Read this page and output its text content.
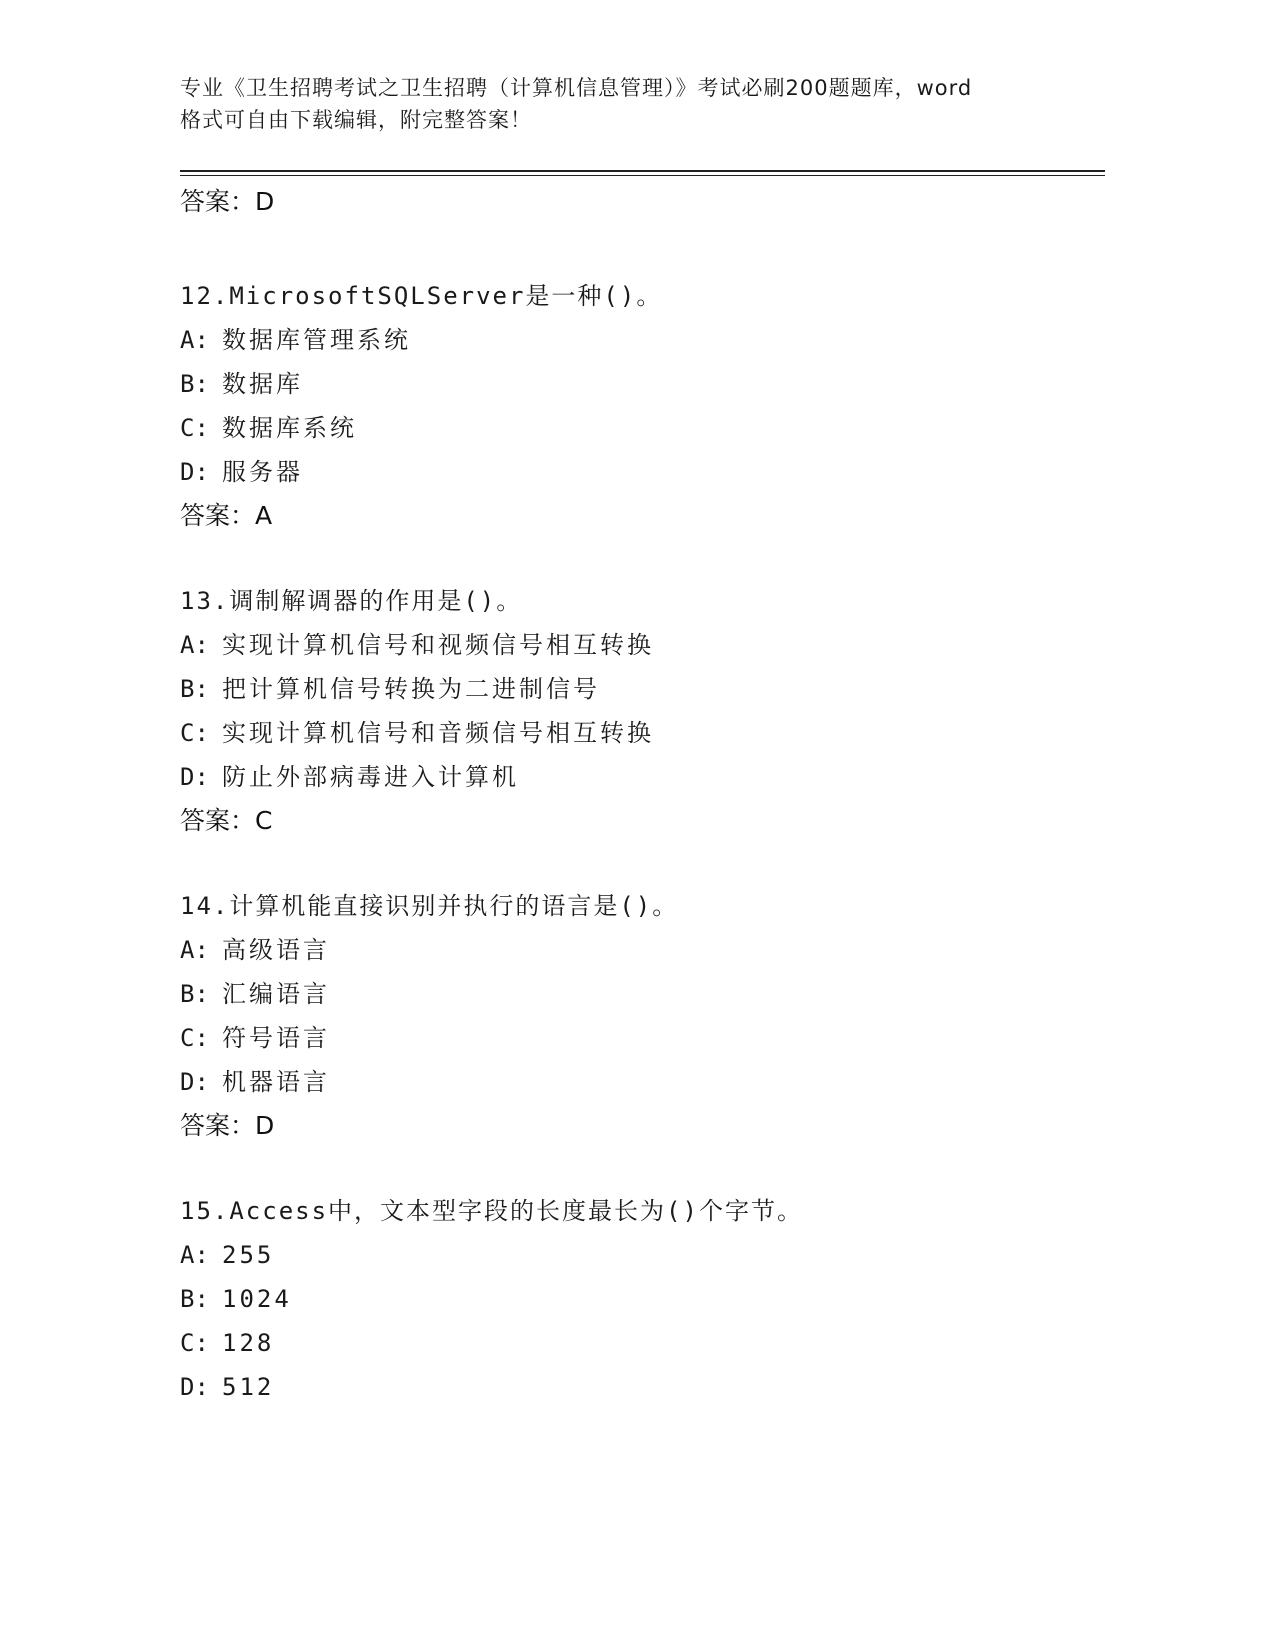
专业《卫生招聘考试之卫生招聘（计算机信息管理）》考试必刷200题题库，word
格式可自由下载编辑，附完整答案！
答案：D
12.MicrosoftSQLServer是一种()。
A: 数据库管理系统
B: 数据库
C: 数据库系统
D: 服务器
答案：A
13.调制解调器的作用是()。
A: 实现计算机信号和视频信号相互转换
B: 把计算机信号转换为二进制信号
C: 实现计算机信号和音频信号相互转换
D: 防止外部病毒进入计算机
答案：C
14.计算机能直接识别并执行的语言是()。
A: 高级语言
B: 汇编语言
C: 符号语言
D: 机器语言
答案：D
15.Access中，文本型字段的长度最长为()个字节。
A: 255
B: 1024
C: 128
D: 512
